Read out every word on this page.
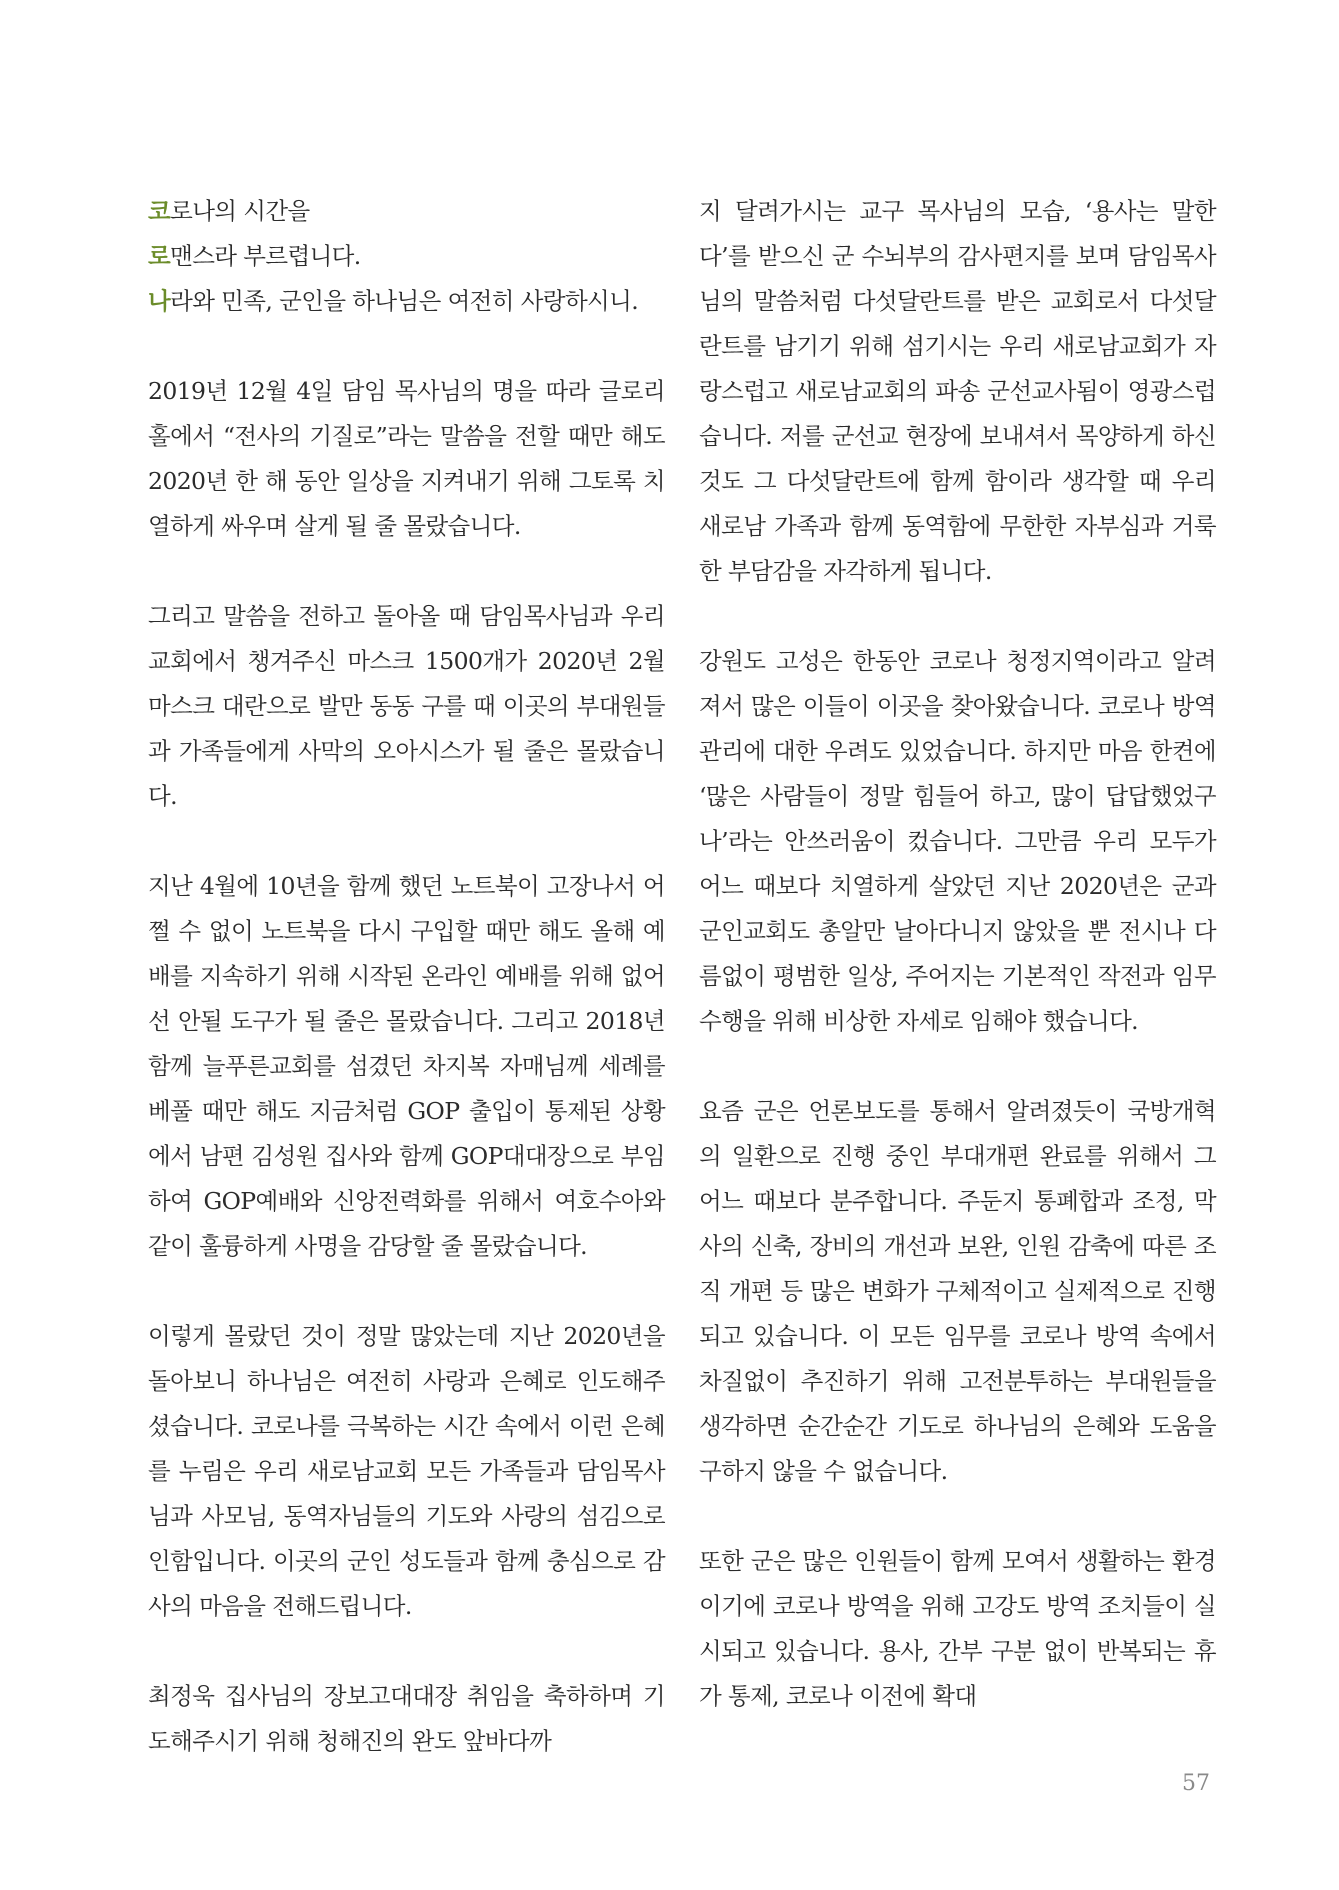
코로나의 시간을
로맨스라 부르렵니다.
나라와 민족, 군인을 하나님은 여전히 사랑하시니.

2019년 12월 4일 담임 목사님의 명을 따라 글로리홀에서 “전사의 기질로”라는 말씀을 전할 때만 해도 2020년 한 해 동안 일상을 지켜내기 위해 그토록 치열하게 싸우며 살게 될 줄 몰랐습니다.

그리고 말씀을 전하고 돌아올 때 담임목사님과 우리 교회에서 챙겨주신 마스크 1500개가 2020년 2월 마스크 대란으로 발만 동동 구를 때 이곳의 부대원들과 가족들에게 사막의 오아시스가 될 줄은 몰랐습니다.

지난 4월에 10년을 함께 했던 노트북이 고장나서 어쩔 수 없이 노트북을 다시 구입할 때만 해도 올해 예배를 지속하기 위해 시작된 온라인 예배를 위해 없어선 안될 도구가 될 줄은 몰랐습니다. 그리고 2018년 함께 늘푸른교회를 섬겼던 차지복 자매님께 세례를 베풀 때만 해도 지금처럼 GOP 출입이 통제된 상황에서 남편 김성원 집사와 함께 GOP대대장으로 부임하여 GOP예배와 신앙전력화를 위해서 여호수아와 같이 훌륭하게 사명을 감당할 줄 몰랐습니다.

이렇게 몰랐던 것이 정말 많았는데 지난 2020년을 돌아보니 하나님은 여전히 사랑과 은혜로 인도해주셨습니다. 코로나를 극복하는 시간 속에서 이런 은혜를 누림은 우리 새로남교회 모든 가족들과 담임목사님과 사모님, 동역자님들의 기도와 사랑의 섬김으로 인함입니다. 이곳의 군인 성도들과 함께 충심으로 감사의 마음을 전해드립니다.

최정욱 집사님의 장보고대대장 취임을 축하하며 기도해주시기 위해 청해진의 완도 앞바다까

지 달려가시는 교구 목사님의 모습, ‘용사는 말한다’를 받으신 군 수뇌부의 감사편지를 보며 담임목사님의 말씀처럼 다섯달란트를 받은 교회로서 다섯달란트를 남기기 위해 섬기시는 우리 새로남교회가 자랑스럽고 새로남교회의 파송 군선교사됨이 영광스럽습니다. 저를 군선교 현장에 보내셔서 목양하게 하신 것도 그 다섯달란트에 함께 함이라 생각할 때 우리 새로남 가족과 함께 동역함에 무한한 자부심과 거룩한 부담감을 자각하게 됩니다.

강원도 고성은 한동안 코로나 청정지역이라고 알려져서 많은 이들이 이곳을 찾아왔습니다. 코로나 방역 관리에 대한 우려도 있었습니다. 하지만 마음 한켠에 ‘많은 사람들이 정말 힘들어 하고, 많이 답답했었구나’라는 안쓰러움이 컸습니다. 그만큼 우리 모두가 어느 때보다 치열하게 살았던 지난 2020년은 군과 군인교회도 총알만 날아다니지 않았을 뿐 전시나 다름없이 평범한 일상, 주어지는 기본적인 작전과 임무수행을 위해 비상한 자세로 임해야 했습니다.

요즘 군은 언론보도를 통해서 알려졌듯이 국방개혁의 일환으로 진행 중인 부대개편 완료를 위해서 그 어느 때보다 분주합니다. 주둔지 통폐합과 조정, 막사의 신축, 장비의 개선과 보완, 인원 감축에 따른 조직 개편 등 많은 변화가 구체적이고 실제적으로 진행되고 있습니다. 이 모든 임무를 코로나 방역 속에서 차질없이 추진하기 위해 고전분투하는 부대원들을 생각하면 순간순간 기도로 하나님의 은혜와 도움을 구하지 않을 수 없습니다.

또한 군은 많은 인원들이 함께 모여서 생활하는 환경이기에 코로나 방역을 위해 고강도 방역 조치들이 실시되고 있습니다. 용사, 간부 구분 없이 반복되는 휴가 통제, 코로나 이전에 확대

57
